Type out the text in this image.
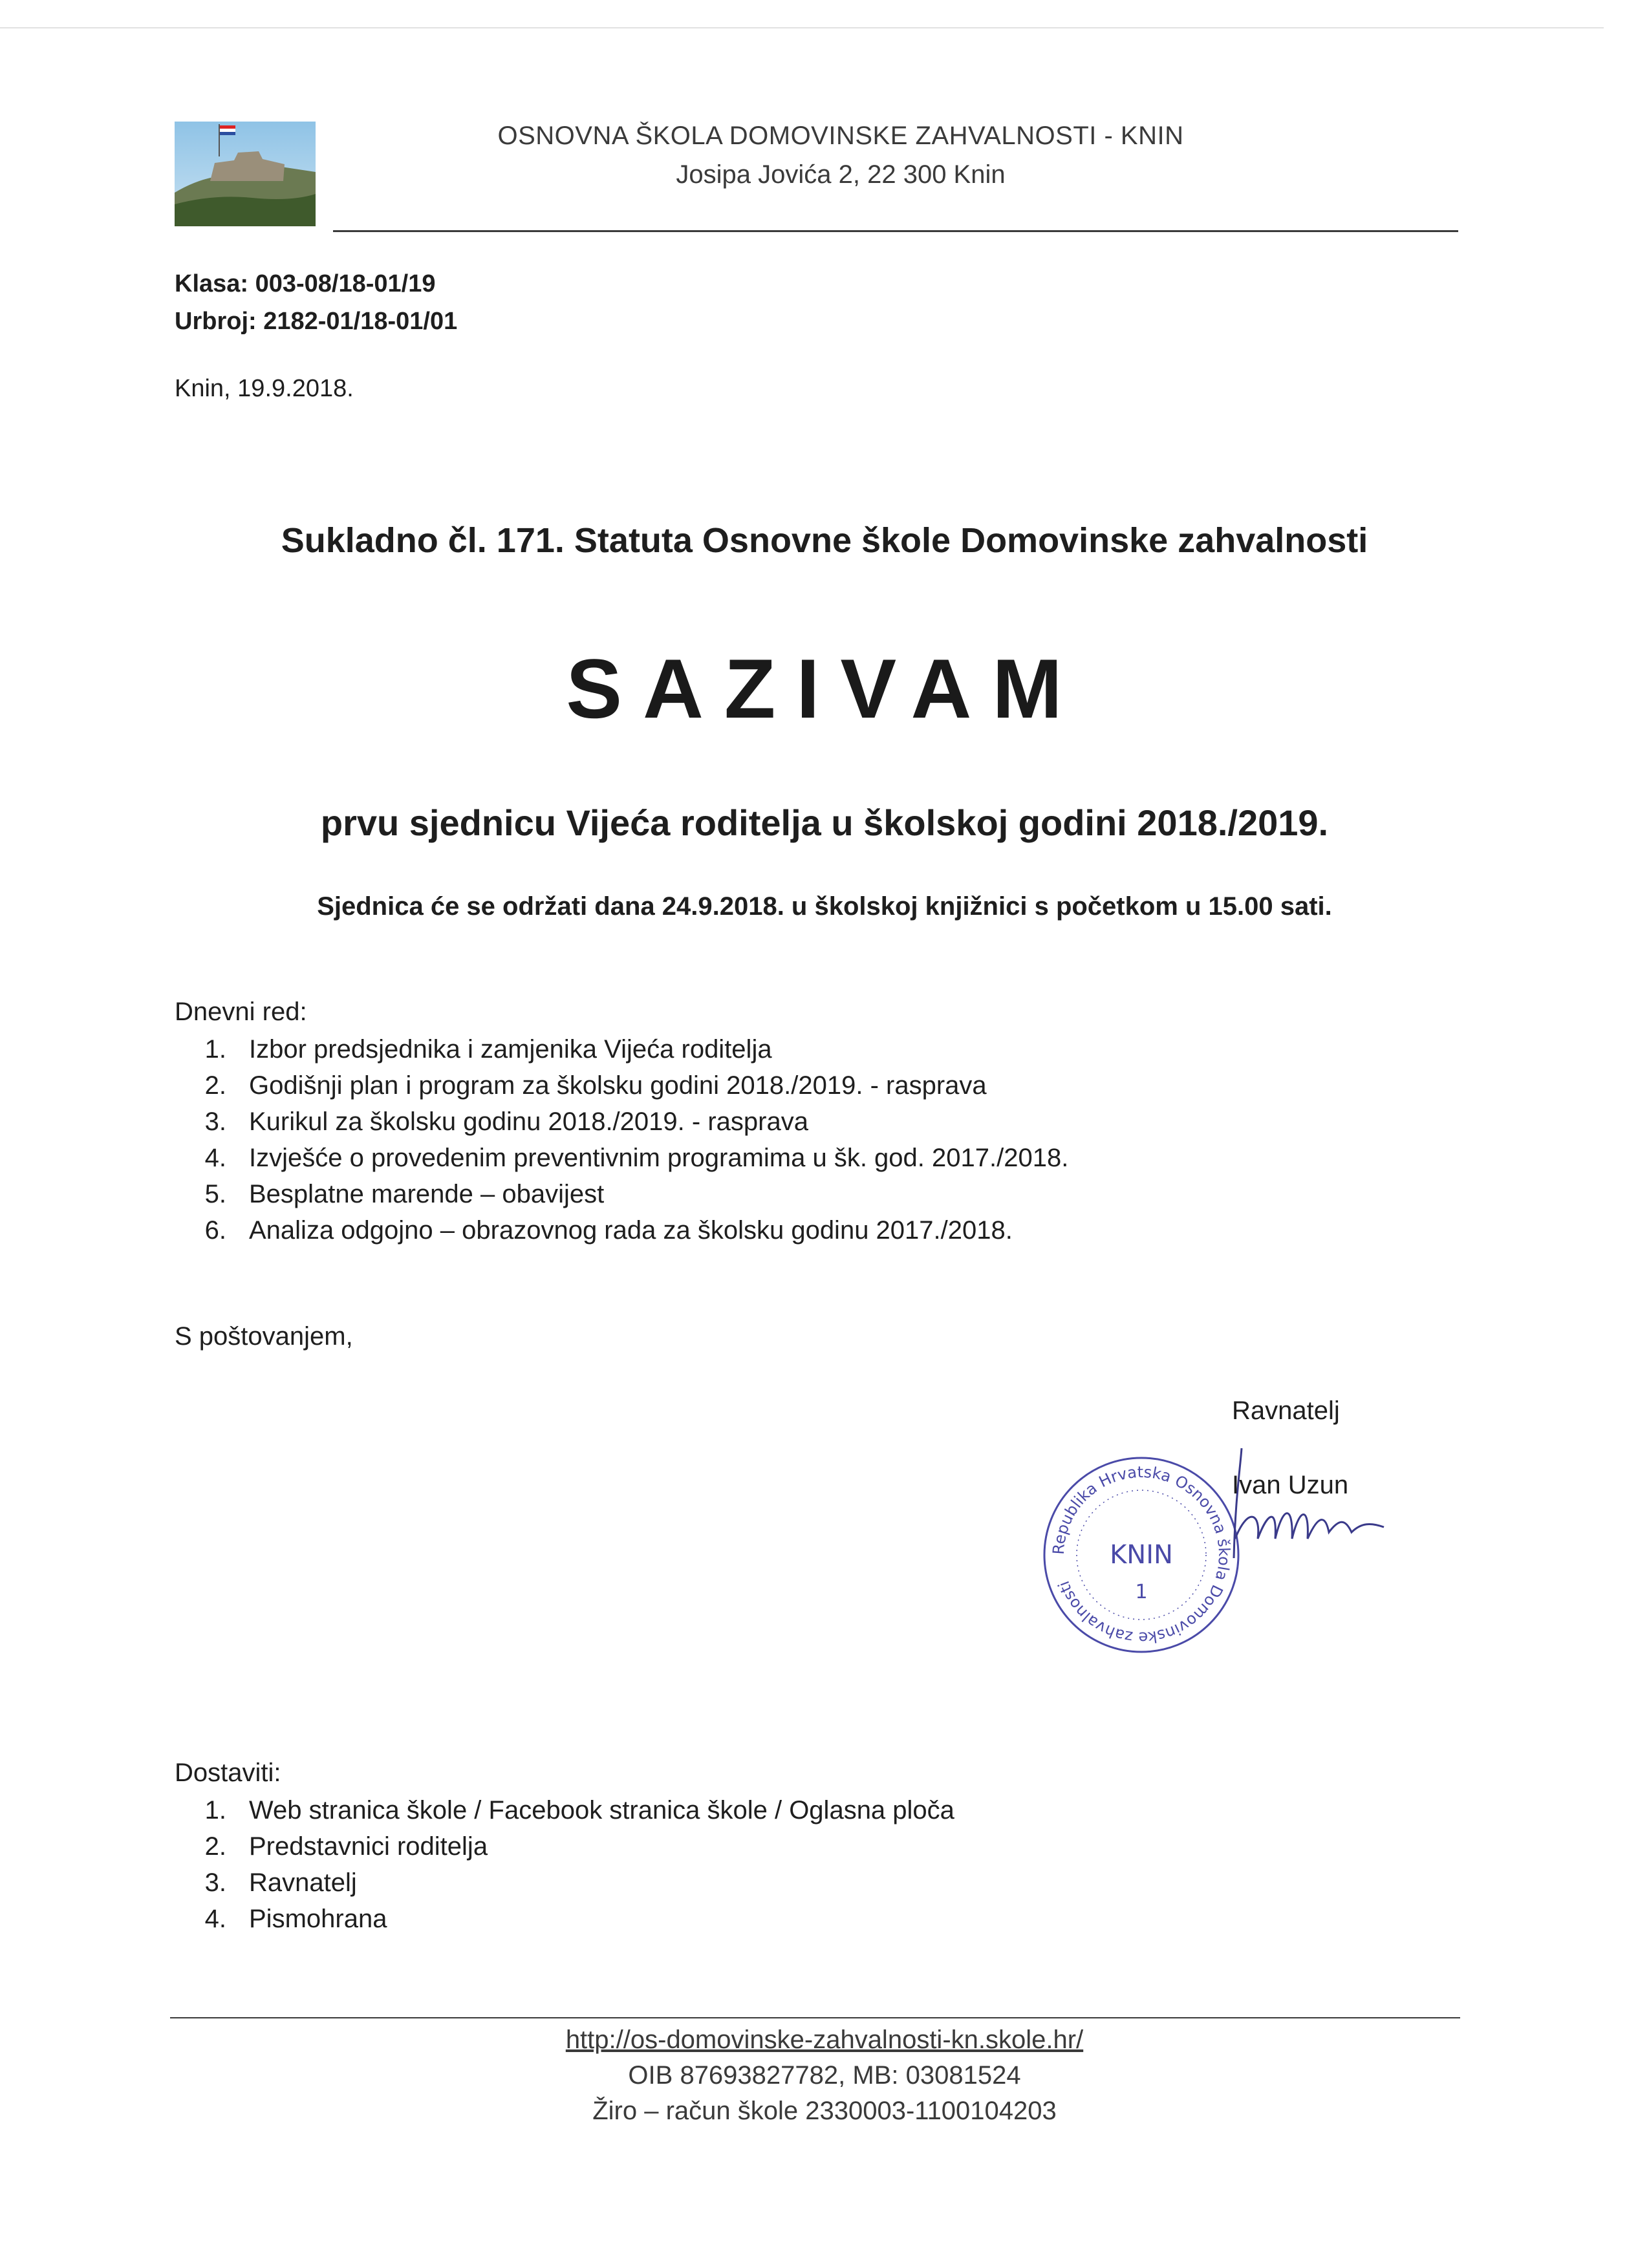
OSNOVNA ŠKOLA DOMOVINSKE ZAHVALNOSTI - KNIN
Josipa Jovića 2, 22 300 Knin
Klasa: 003-08/18-01/19
Urbroj: 2182-01/18-01/01
Knin, 19.9.2018.
Sukladno čl. 171. Statuta Osnovne škole Domovinske zahvalnosti
SAZIVAM
prvu sjednicu Vijeća roditelja u školskoj godini 2018./2019.
Sjednica će se održati dana 24.9.2018. u školskoj knjižnici s početkom u 15.00 sati.
Dnevni red:
1. Izbor predsjednika i zamjenika Vijeća roditelja
2. Godišnji plan i program za školsku godini 2018./2019. - rasprava
3. Kurikul za školsku godinu 2018./2019. - rasprava
4. Izvješće o provedenim preventivnim programima u šk. god. 2017./2018.
5. Besplatne marende – obavijest
6. Analiza odgojno – obrazovnog rada za školsku godinu 2017./2018.
S poštovanjem,
Ravnatelj
Republika Hrvatska Osnovna škola Domovinske zahvalnosti
KNIN
1
Ivan Uzun
Dostaviti:
1. Web stranica škole / Facebook stranica škole / Oglasna ploča
2. Predstavnici roditelja
3. Ravnatelj
4. Pismohrana
http://os-domovinske-zahvalnosti-kn.skole.hr/
OIB 87693827782, MB: 03081524
Žiro – račun škole 2330003-1100104203
